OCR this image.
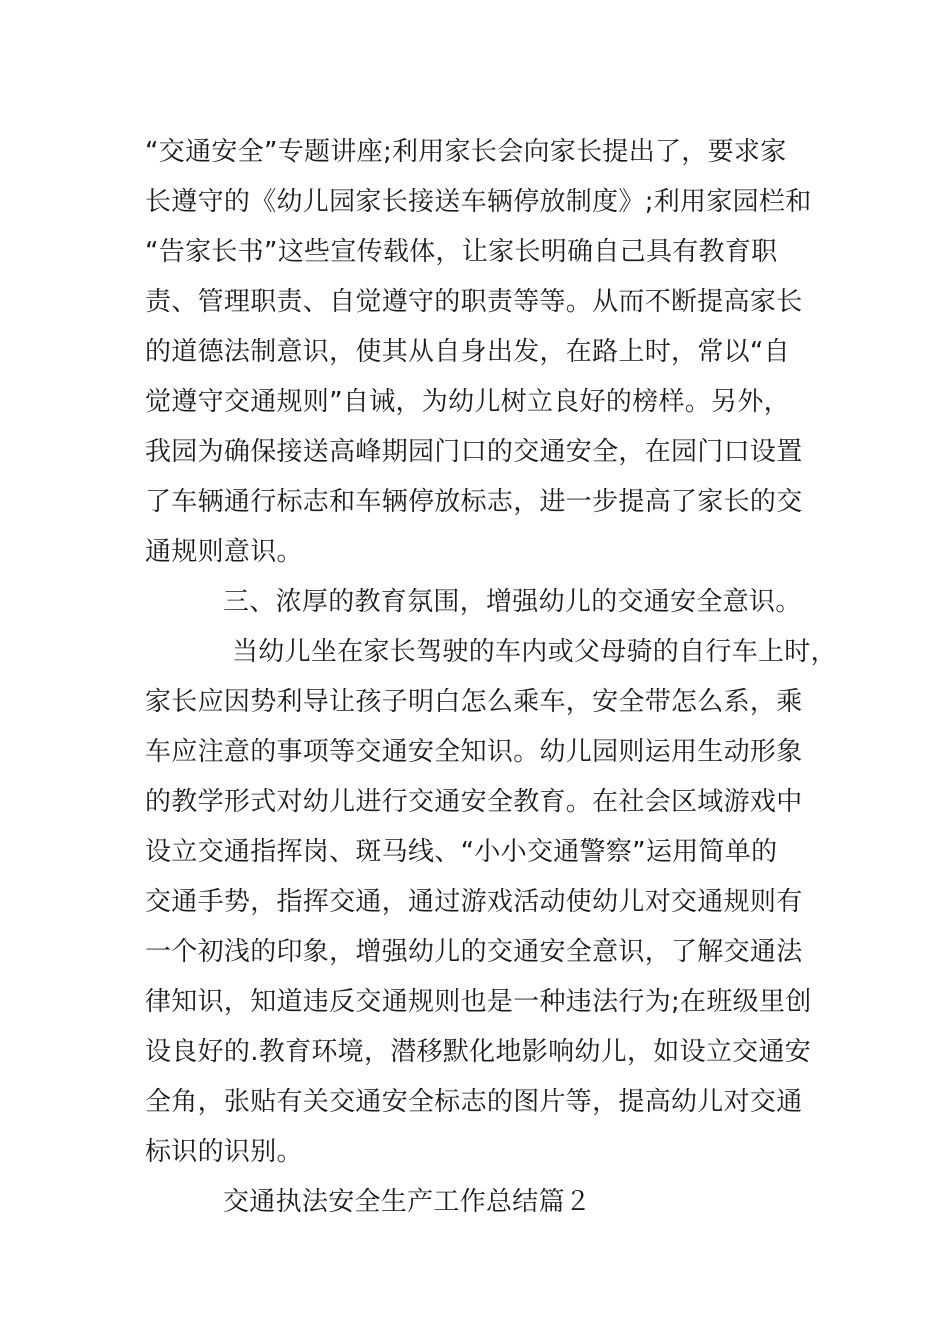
“交通安全”专题讲座;利用家长会向家长提出了，要求家
长遵守的《幼儿园家长接送车辆停放制度》;利用家园栏和
“告家长书”这些宣传载体，让家长明确自己具有教育职
责、管理职责、自觉遵守的职责等等。从而不断提高家长
的道德法制意识，使其从自身出发，在路上时，常以“自
觉遵守交通规则”自诫，为幼儿树立良好的榜样。另外，
我园为确保接送高峰期园门口的交通安全，在园门口设置
了车辆通行标志和车辆停放标志，进一步提高了家长的交
通规则意识。
三、浓厚的教育氛围，增强幼儿的交通安全意识。
当幼儿坐在家长驾驶的车内或父母骑的自行车上时，
家长应因势利导让孩子明白怎么乘车，安全带怎么系，乘
车应注意的事项等交通安全知识。幼儿园则运用生动形象
的教学形式对幼儿进行交通安全教育。在社会区域游戏中
设立交通指挥岗、斑马线、“小小交通警察”运用简单的
交通手势，指挥交通，通过游戏活动使幼儿对交通规则有
一个初浅的印象，增强幼儿的交通安全意识，了解交通法
律知识，知道违反交通规则也是一种违法行为;在班级里创
设良好的.教育环境，潜移默化地影响幼儿，如设立交通安
全角，张贴有关交通安全标志的图片等，提高幼儿对交通
标识的识别。
交通执法安全生产工作总结篇２
